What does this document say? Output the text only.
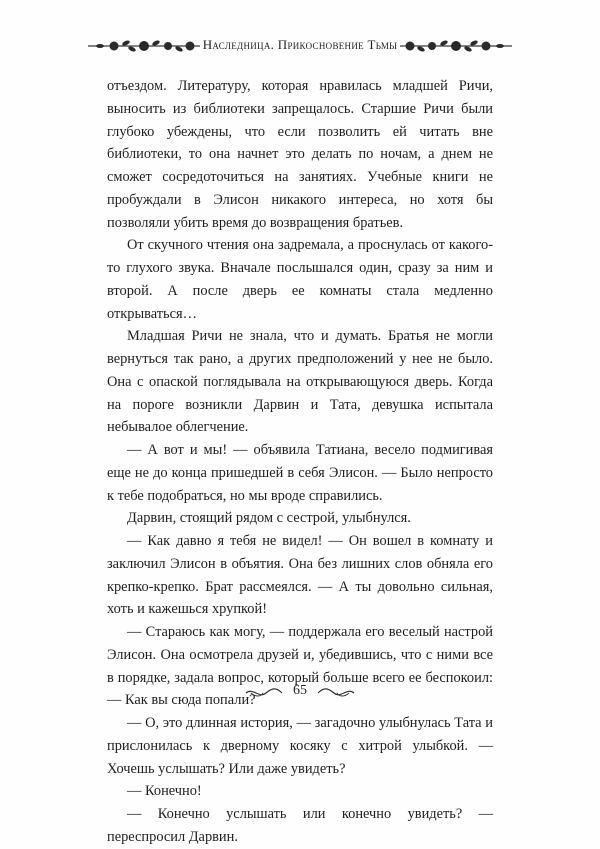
Наследница. Прикосновение Тьмы

отъездом. Литературу, которая нравилась младшей Ричи, выносить из библиотеки запрещалось. Старшие Ричи были глубоко убеждены, что если позволить ей читать вне библиотеки, то она начнет это делать по ночам, а днем не сможет сосредоточиться на занятиях. Учебные книги не пробуждали в Элисон никакого интереса, но хотя бы позволяли убить время до возвращения братьев.

От скучного чтения она задремала, а проснулась от какого-то глухого звука. Вначале послышался один, сразу за ним и второй. А после дверь ее комнаты стала медленно открываться…

Младшая Ричи не знала, что и думать. Братья не могли вернуться так рано, а других предположений у нее не было. Она с опаской поглядывала на открывающуюся дверь. Когда на пороге возникли Дарвин и Тата, девушка испытала небывалое облегчение.

— А вот и мы! — объявила Татиана, весело подмигивая еще не до конца пришедшей в себя Элисон. — Было непросто к тебе подобраться, но мы вроде справились.

Дарвин, стоящий рядом с сестрой, улыбнулся.

— Как давно я тебя не видел! — Он вошел в комнату и заключил Элисон в объятия. Она без лишних слов обняла его крепко-крепко. Брат рассмеялся. — А ты довольно сильная, хоть и кажешься хрупкой!

— Стараюсь как могу, — поддержала его веселый настрой Элисон. Она осмотрела друзей и, убедившись, что с ними все в порядке, задала вопрос, который больше всего ее беспокоил: — Как вы сюда попали?

— О, это длинная история, — загадочно улыбнулась Тата и прислонилась к дверному косяку с хитрой улыбкой. — Хочешь услышать? Или даже увидеть?

— Конечно!

— Конечно услышать или конечно увидеть? — переспросил Дарвин.

65
